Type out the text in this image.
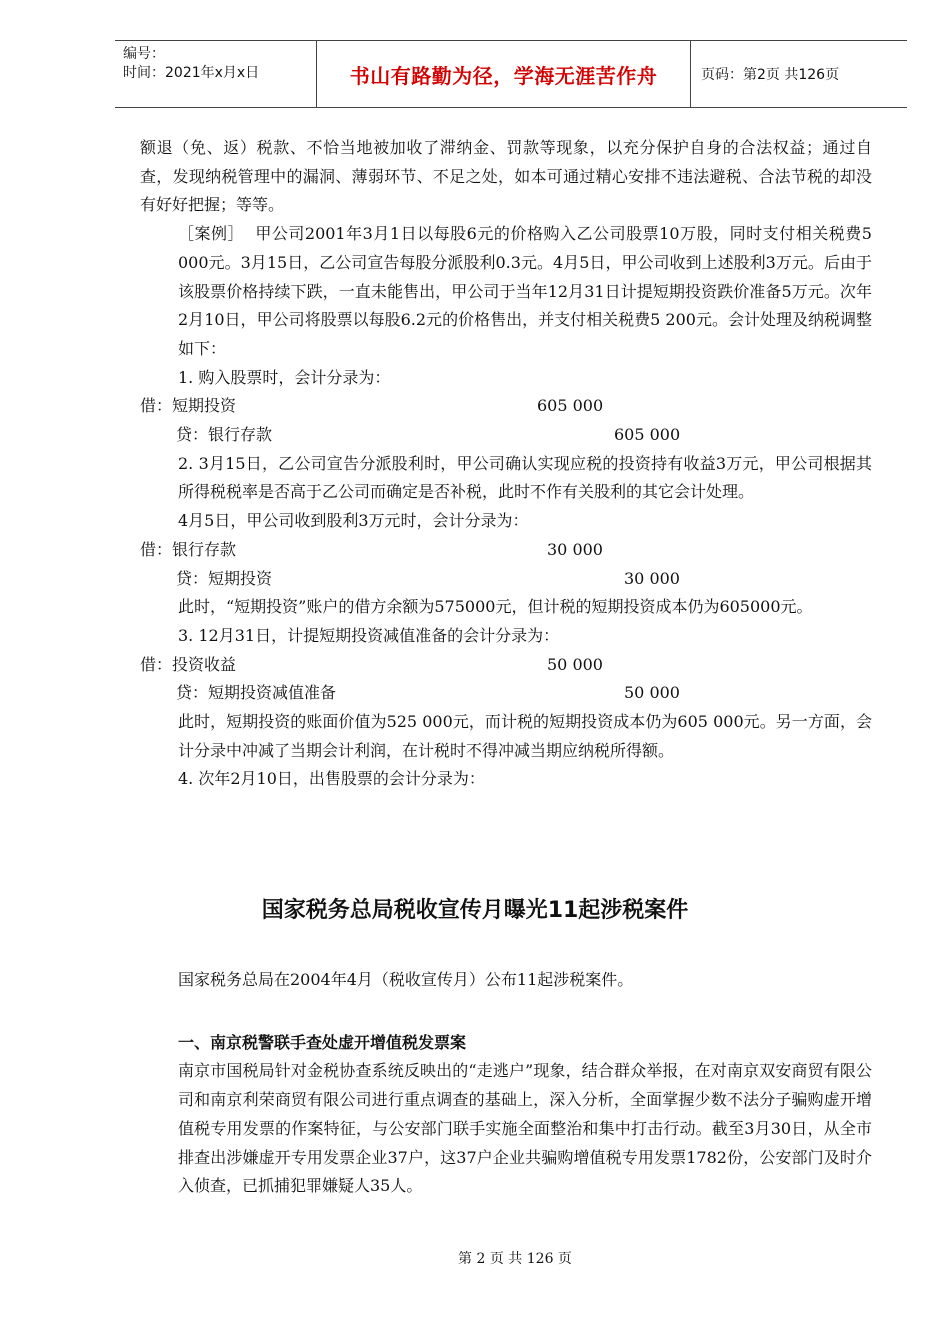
编号：
时间：2021年x月x日	书山有路勤为径，学海无涯苦作舟	页码：第2页 共126页

额退（免、返）税款、不恰当地被加收了滞纳金、罚款等现象，以充分保护自身的合法权益；通过自查，发现纳税管理中的漏洞、薄弱环节、不足之处，如本可通过精心安排不违法避税、合法节税的却没有好好把握；等等。

［案例］  甲公司2001年3月1日以每股6元的价格购入乙公司股票10万股，同时支付相关税费5 000元。3月15日，乙公司宣告每股分派股利0.3元。4月5日，甲公司收到上述股利3万元。后由于该股票价格持续下跌，一直未能售出，甲公司于当年12月31日计提短期投资跌价准备5万元。次年2月10日，甲公司将股票以每股6.2元的价格售出，并支付相关税费5 200元。会计处理及纳税调整如下：

1. 购入股票时，会计分录为：

借：短期投资	605 000
贷：银行存款	605 000

2. 3月15日，乙公司宣告分派股利时，甲公司确认实现应税的投资持有收益3万元，甲公司根据其所得税税率是否高于乙公司而确定是否补税，此时不作有关股利的其它会计处理。

4月5日，甲公司收到股利3万元时，会计分录为：

借：银行存款	30 000
贷：短期投资	30 000

此时，“短期投资”账户的借方余额为575000元，但计税的短期投资成本仍为605000元。

3. 12月31日，计提短期投资减值准备的会计分录为：

借：投资收益	50 000
贷：短期投资减值准备	50 000

此时，短期投资的账面价值为525 000元，而计税的短期投资成本仍为605 000元。另一方面，会计分录中冲减了当期会计利润，在计税时不得冲减当期应纳税所得额。

4. 次年2月10日，出售股票的会计分录为：

国家税务总局税收宣传月曝光11起涉税案件

国家税务总局在2004年4月（税收宣传月）公布11起涉税案件。

一、南京税警联手查处虚开增值税发票案

南京市国税局针对金税协查系统反映出的“走逃户”现象，结合群众举报，在对南京双安商贸有限公司和南京利荣商贸有限公司进行重点调查的基础上，深入分析，全面掌握少数不法分子骗购虚开增值税专用发票的作案特征，与公安部门联手实施全面整治和集中打击行动。截至3月30日，从全市排查出涉嫌虚开专用发票企业37户，这37户企业共骗购增值税专用发票1782份，公安部门及时介入侦查，已抓捕犯罪嫌疑人35人。

第 2 页 共 126 页
